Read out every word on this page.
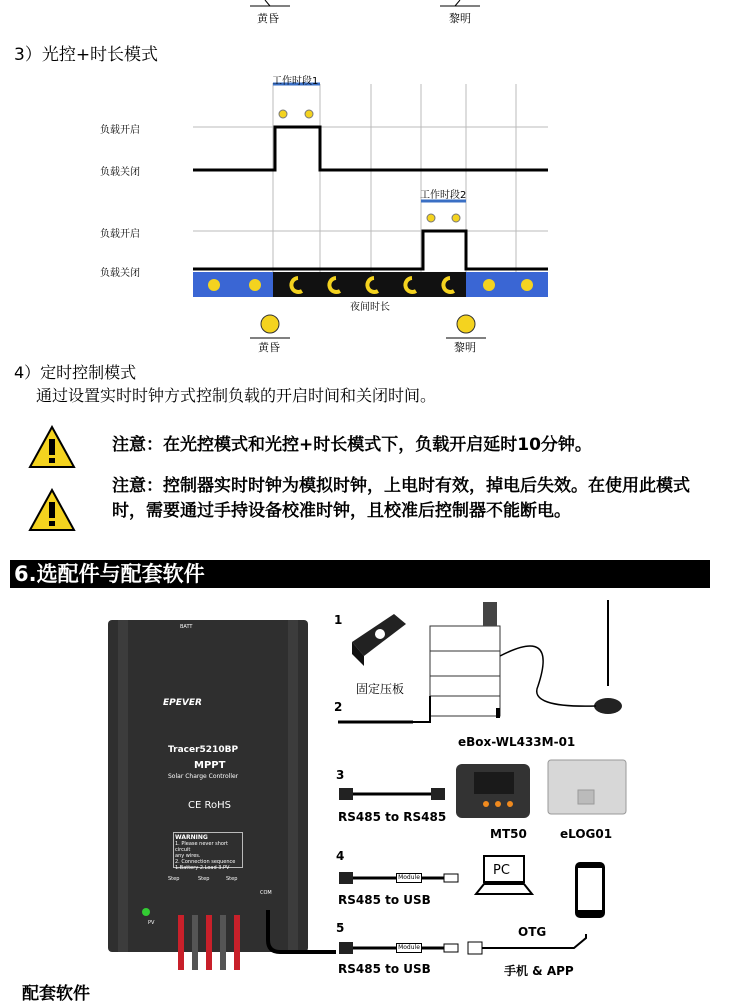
黄昏	黎明
3）光控+时长模式
工作时段1
工作时段2
负载开启
负载关闭
负载开启
负载关闭
夜间时长
黄昏	黎明
4）定时控制模式
通过设置实时时钟方式控制负载的开启时间和关闭时间。
注意：在光控模式和光控+时长模式下，负载开启延时10分钟。
注意：控制器实时时钟为模拟时钟，上电时有效，掉电后失效。在使用此模式时，需要通过手持设备校准时钟，且校准后控制器不能断电。
6.选配件与配套软件
EPEVER
Tracer5210BP
MPPT
Solar Charge Controller
CE RoHS
WARNING
1. Please never short circuit
any wires.
2. Connection sequence
1.Battery 2.Load 3.PV
Step	Step	Step
PV
BATT
COM
1
固定压板
2
eBox-WL433M-01
3
RS485 to RS485
MT50	eLOG01
4
Module
RS485 to USB
PC
5
Module
OTG
RS485 to USB	手机 & APP
配套软件
